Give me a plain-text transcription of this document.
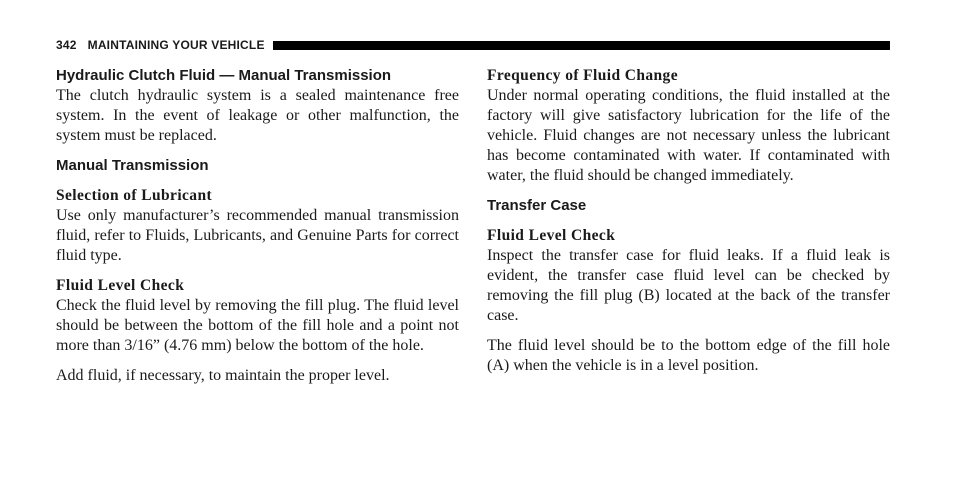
342 MAINTAINING YOUR VEHICLE
Hydraulic Clutch Fluid — Manual Transmission

The clutch hydraulic system is a sealed maintenance free system. In the event of leakage or other malfunction, the system must be replaced.

Manual Transmission
Selection of Lubricant

Use only manufacturer’s recommended manual transmission fluid, refer to Fluids, Lubricants, and Genuine Parts for correct fluid type.

Fluid Level Check

Check the fluid level by removing the fill plug. The fluid level should be between the bottom of the fill hole and a point not more than 3/16” (4.76 mm) below the bottom of the hole.

Add fluid, if necessary, to maintain the proper level.

Frequency of Fluid Change

Under normal operating conditions, the fluid installed at the factory will give satisfactory lubrication for the life of the vehicle. Fluid changes are not necessary unless the lubricant has become contaminated with water. If contaminated with water, the fluid should be changed immediately.

Transfer Case
Fluid Level Check

Inspect the transfer case for fluid leaks. If a fluid leak is evident, the transfer case fluid level can be checked by removing the fill plug (B) located at the back of the transfer case.

The fluid level should be to the bottom edge of the fill hole (A) when the vehicle is in a level position.
